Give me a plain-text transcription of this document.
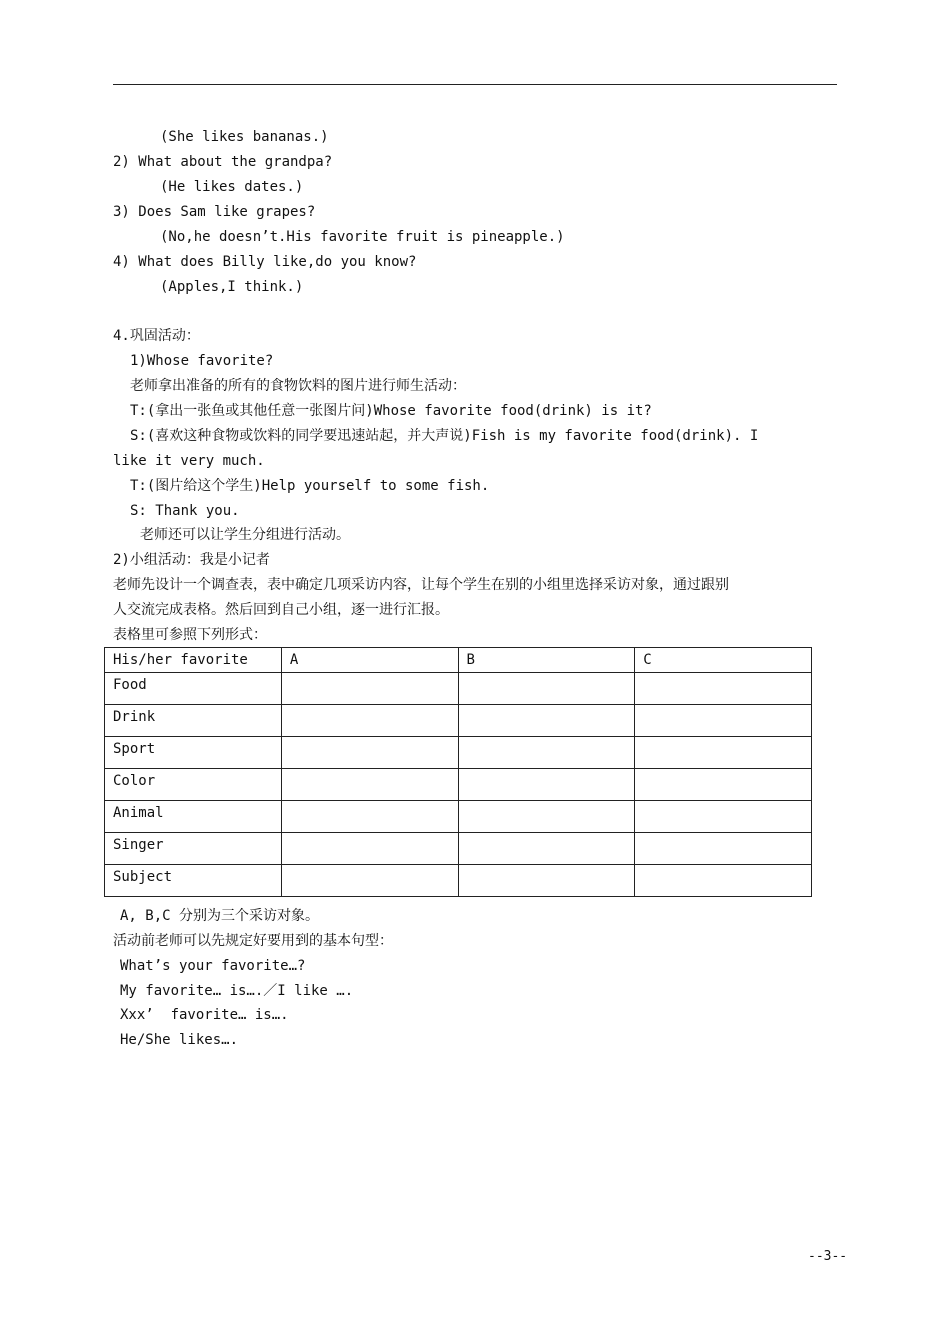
(She likes bananas.)
2) What about the grandpa?
(He likes dates.)
3) Does Sam like grapes?
(No,he doesn’t.His favorite fruit is pineapple.)
4) What does Billy like,do you know?
(Apples,I think.)
4.巩固活动：
1)Whose favorite?
老师拿出准备的所有的食物饮料的图片进行师生活动：
T:(拿出一张鱼或其他任意一张图片问)Whose favorite food(drink) is it?
S:(喜欢这种食物或饮料的同学要迅速站起，并大声说)Fish is my favorite food(drink). I
like it very much.
T:(图片给这个学生)Help yourself to some fish.
S: Thank you.
老师还可以让学生分组进行活动。
2)小组活动：我是小记者
老师先设计一个调查表，表中确定几项采访内容，让每个学生在别的小组里选择采访对象，通过跟别
人交流完成表格。然后回到自己小组，逐一进行汇报。
表格里可参照下列形式：
His/her favorite	A	B	C
Food			
Drink			
Sport			
Color			
Animal			
Singer			
Subject			
A, B,C 分别为三个采访对象。
活动前老师可以先规定好要用到的基本句型：
What’s your favorite…?
My favorite… is….／I like ….
Xxx’  favorite… is….
He/She likes….
--3--
